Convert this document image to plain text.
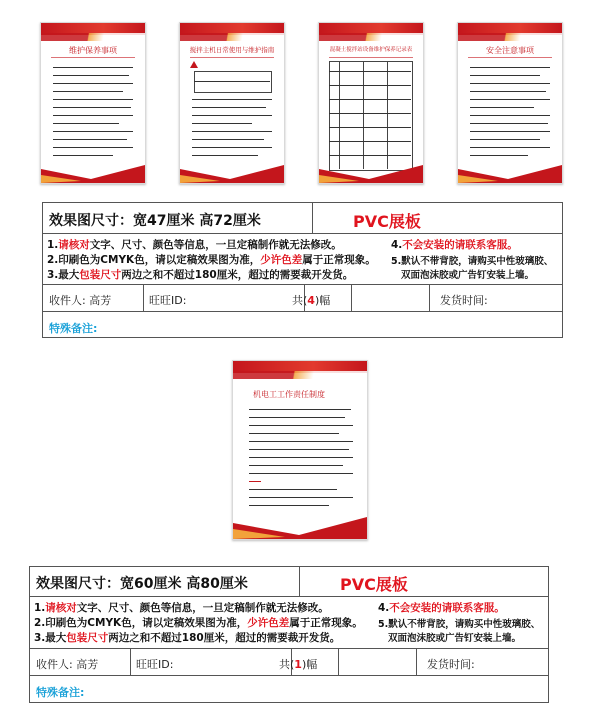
维护保养事项	搅拌主机日常使用与维护指南	混凝土搅拌站设备维护保养记录表	安全注意事项
效果图尺寸：宽47厘米 高72厘米	PVC展板
1.请核对文字、尺寸、颜色等信息，一旦定稿制作就无法修改。
2.印刷色为CMYK色，请以定稿效果图为准，少许色差属于正常现象。
3.最大包装尺寸两边之和不超过180厘米，超过的需要裁开发货。
4.不会安装的请联系客服。
5.默认不带背胶，请购买中性玻璃胶、
双面泡沫胶或广告钉安装上墙。
收件人: 高芳	旺旺ID:	共(4)幅	发货时间:
特殊备注:
机电工工作责任制度
效果图尺寸：宽60厘米 高80厘米	PVC展板
1.请核对文字、尺寸、颜色等信息，一旦定稿制作就无法修改。
2.印刷色为CMYK色，请以定稿效果图为准，少许色差属于正常现象。
3.最大包装尺寸两边之和不超过180厘米，超过的需要裁开发货。
4.不会安装的请联系客服。
5.默认不带背胶，请购买中性玻璃胶、
双面泡沫胶或广告钉安装上墙。
收件人: 高芳	旺旺ID:	共(1)幅	发货时间:
特殊备注:
